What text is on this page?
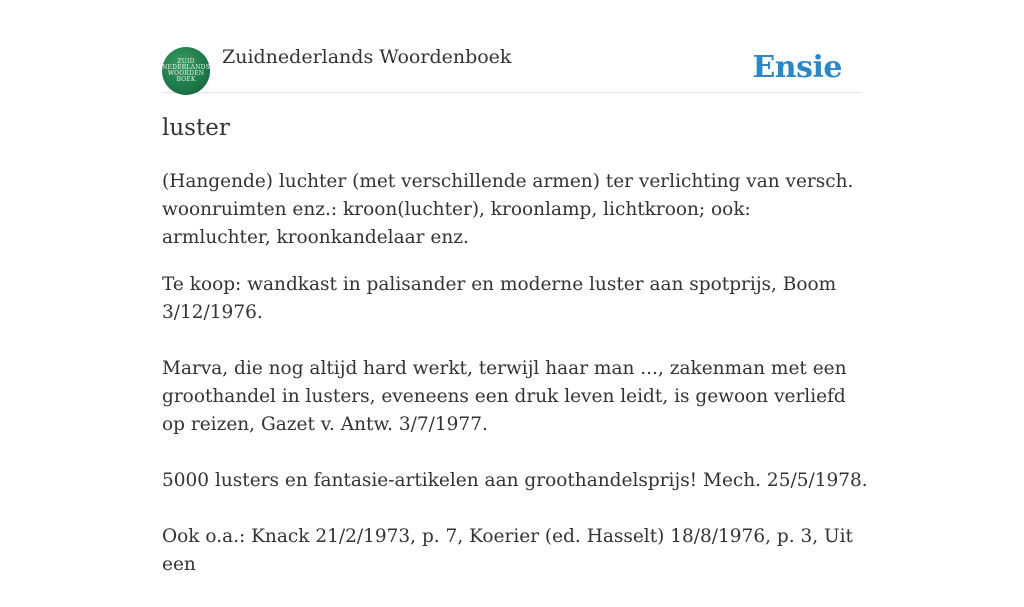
ZUID
NEDERLANDS
WOORDEN
BOEK
Zuidnederlands Woordenboek	Ensie
luster

(Hangende) luchter (met verschillende armen) ter verlichting van versch. woonruimten enz.: kroon(luchter), kroonlamp, lichtkroon; ook: armluchter, kroonkandelaar enz.

Te koop: wandkast in palisander en moderne luster aan spotprijs, Boom 3/12/1976.

Marva, die nog altijd hard werkt, terwijl haar man ..., zakenman met een groothandel in lusters, eveneens een druk leven leidt, is gewoon verliefd op reizen, Gazet v. Antw. 3/7/1977.

5000 lusters en fantasie-artikelen aan groothandelsprijs! Mech. 25/5/1978.

Ook o.a.: Knack 21/2/1973, p. 7, Koerier (ed. Hasselt) 18/8/1976, p. 3, Uit een
